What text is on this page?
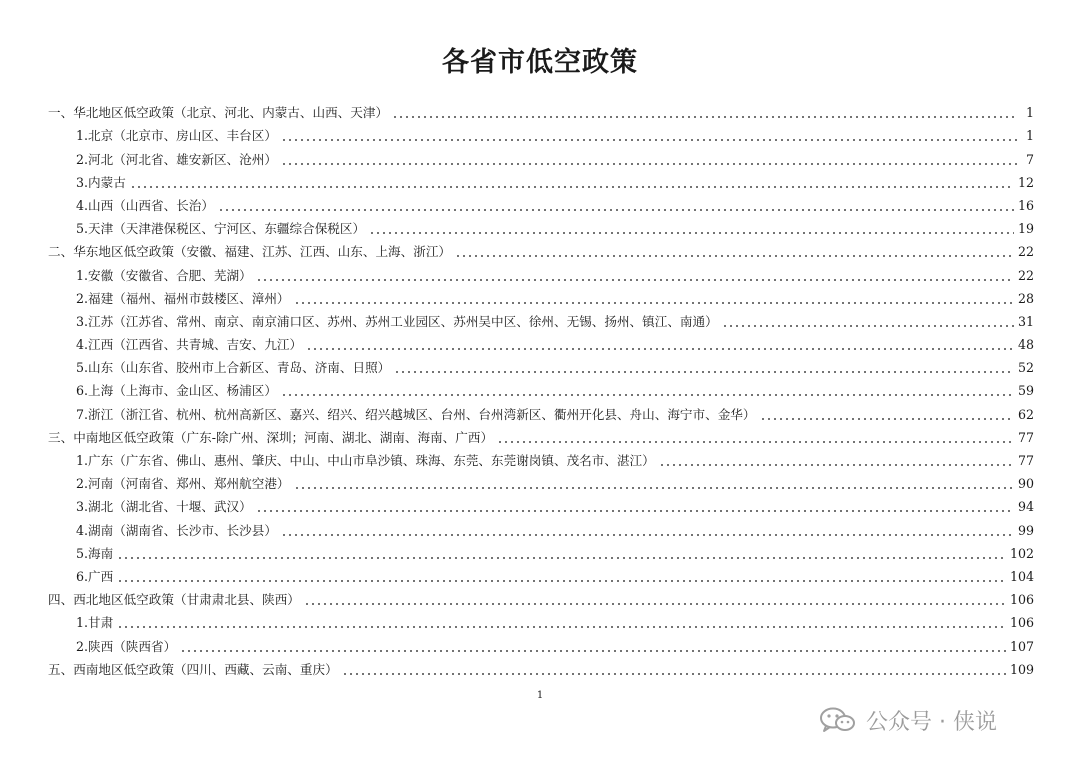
各省市低空政策
一、华北地区低空政策（北京、河北、内蒙古、山西、天津）	1
1.北京（北京市、房山区、丰台区）	1
2.河北（河北省、雄安新区、沧州）	7
3.内蒙古	12
4.山西（山西省、长治）	16
5.天津（天津港保税区、宁河区、东疆综合保税区）	19
二、华东地区低空政策（安徽、福建、江苏、江西、山东、上海、浙江）	22
1.安徽（安徽省、合肥、芜湖）	22
2.福建（福州、福州市鼓楼区、漳州）	28
3.江苏（江苏省、常州、南京、南京浦口区、苏州、苏州工业园区、苏州吴中区、徐州、无锡、扬州、镇江、南通）	31
4.江西（江西省、共青城、吉安、九江）	48
5.山东（山东省、胶州市上合新区、青岛、济南、日照）	52
6.上海（上海市、金山区、杨浦区）	59
7.浙江（浙江省、杭州、杭州高新区、嘉兴、绍兴、绍兴越城区、台州、台州湾新区、衢州开化县、舟山、海宁市、金华）	62
三、中南地区低空政策（广东-除广州、深圳；河南、湖北、湖南、海南、广西）	77
1.广东（广东省、佛山、惠州、肇庆、中山、中山市阜沙镇、珠海、东莞、东莞谢岗镇、茂名市、湛江）	77
2.河南（河南省、郑州、郑州航空港）	90
3.湖北（湖北省、十堰、武汉）	94
4.湖南（湖南省、长沙市、长沙县）	99
5.海南	102
6.广西	104
四、西北地区低空政策（甘肃肃北县、陕西）	106
1.甘肃	106
2.陕西（陕西省）	107
五、西南地区低空政策（四川、西藏、云南、重庆）	109
1
公众号 · 侠说
